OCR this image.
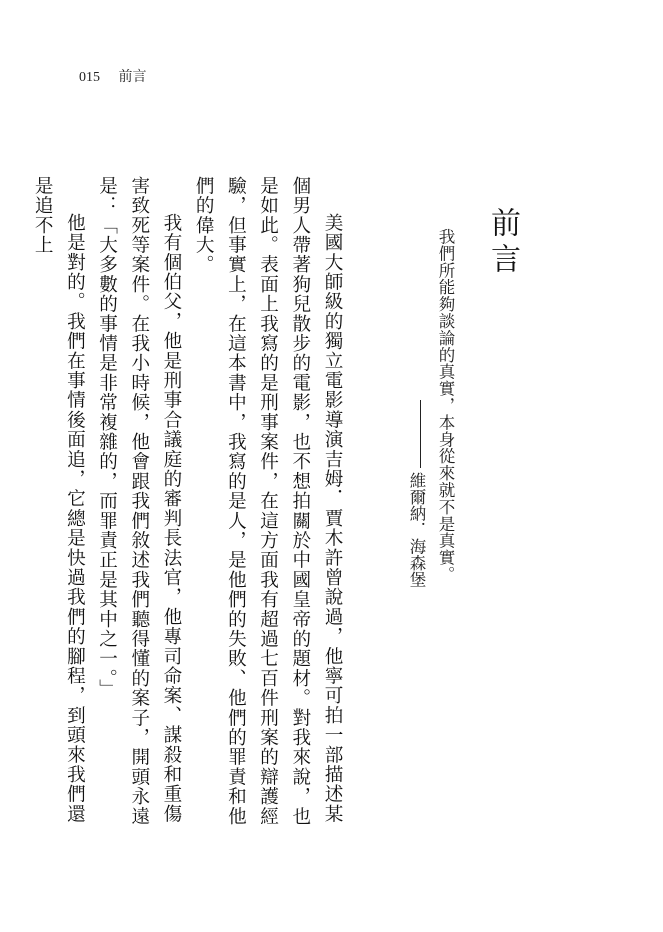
015 前言
前言
我們所能夠談論的真實，本身從來就不是真實。
維爾納．海森堡

美國大師級的獨立電影導演吉姆．賈木許曾說過，他寧可拍一部描述某個男人帶著狗兒散步的電影，也不想拍關於中國皇帝的題材。對我來說，也是如此。表面上我寫的是刑事案件，在這方面我有超過七百件刑案的辯護經驗，但事實上，在這本書中，我寫的是人，是他們的失敗、他們的罪責和他們的偉大。

我有個伯父，他是刑事合議庭的審判長法官，他專司命案、謀殺和重傷害致死等案件。在我小時候，他會跟我們敘述我們聽得懂的案子，開頭永遠是：「大多數的事情是非常複雜的，而罪責正是其中之一。」

他是對的。我們在事情後面追，它總是快過我們的腳程，到頭來我們還是追不上
